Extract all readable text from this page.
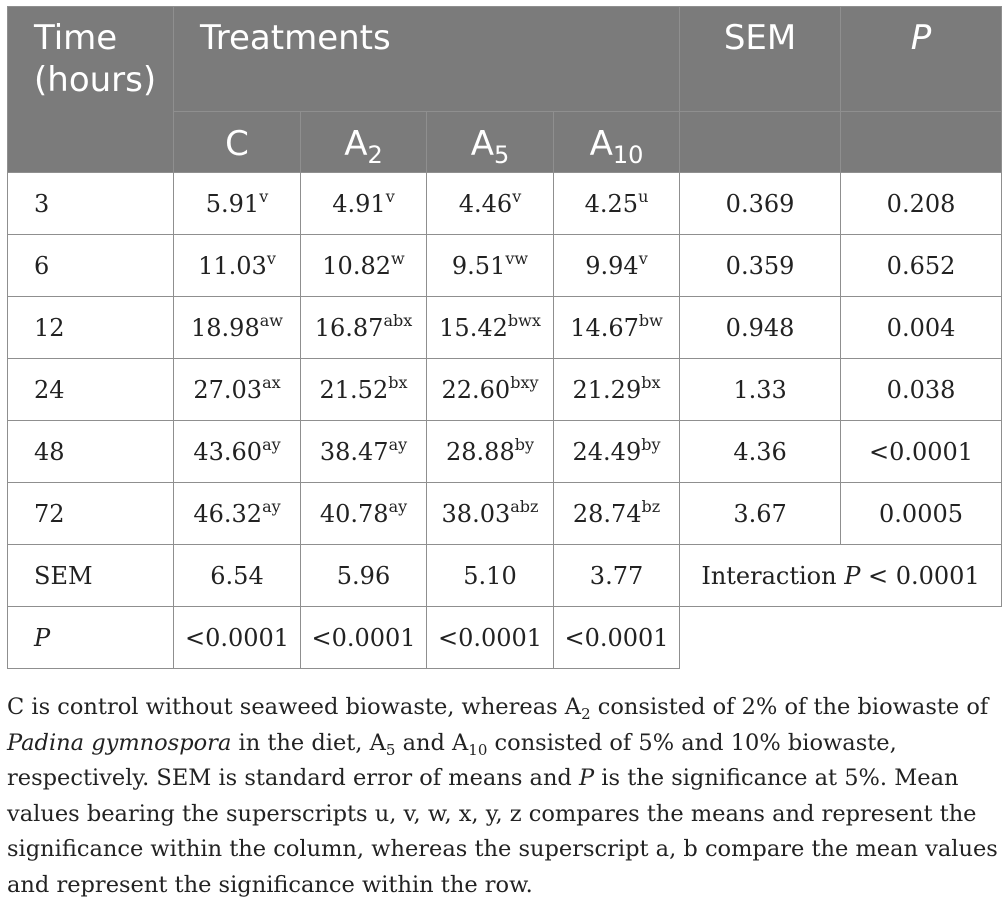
Time
(hours)	Treatments				SEM	P

	C	$A_2$	$A_5$	$A_{10}$

3	5.91$^v$	4.91$^v$	4.46$^v$	4.25$^u$	0.369	0.208
6	11.03$^v$	10.82$^w$	$9.51^{vw}$	9.94$^v$	0.359	0.652
12	$18.98^{aw}$	$16.87^{abx}$	$15.42^{bwx}$	$14.67^{bw}$	0.948	0.004
24	$27.03^{ax}$	$21.52^{bx}$	$22.60^{bxy}$	$21.29^{bx}$	1.33	0.038
48	$43.60^{ay}$	$38.47^{ay}$	$28.88^{by}$	$24.49^{by}$	4.36	<0.0001
72	$46.32^{ay}$	$40.78^{ay}$	$38.03^{abz}$	$28.74^{bz}$	3.67	0.0005
SEM	6.54	5.96	5.10	3.77	Interaction P < 0.0001	
P	<0.0001	<0.0001	<0.0001	<0.0001		
C is control without seaweed biowaste, whereas $A_2$ consisted of 2% of the biowaste of Padina gymnospora in the diet, $A_5$ and $A_{10}$ consisted of 5% and 10% biowaste, respectively. SEM is standard error of means and P is the significance at 5%. Mean values bearing the superscripts u, v, w, x, y, z compares the means and represent the significance within the column, whereas the superscript a, b compare the mean values and represent the significance within the row.
